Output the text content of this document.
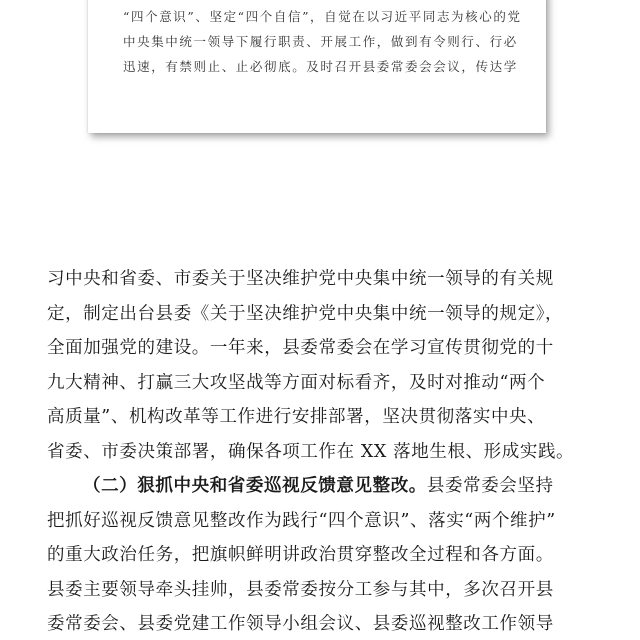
“四个意识”、坚定“四个自信”，自觉在以习近平同志为核心的党
中央集中统一领导下履行职责、开展工作，做到有令则行、行必
迅速，有禁则止、止必彻底。及时召开县委常委会会议，传达学
习中央和省委、市委关于坚决维护党中央集中统一领导的有关规
定，制定出台县委《关于坚决维护党中央集中统一领导的规定》，
全面加强党的建设。一年来，县委常委会在学习宣传贯彻党的十
九大精神、打赢三大攻坚战等方面对标看齐，及时对推动“两个
高质量”、机构改革等工作进行安排部署，坚决贯彻落实中央、
省委、市委决策部署，确保各项工作在 XX 落地生根、形成实践。
（二）狠抓中央和省委巡视反馈意见整改。县委常委会坚持
把抓好巡视反馈意见整改作为践行“四个意识”、落实“两个维护”
的重大政治任务，把旗帜鲜明讲政治贯穿整改全过程和各方面。
县委主要领导牵头挂帅，县委常委按分工参与其中，多次召开县
委常委会、县委党建工作领导小组会议、县委巡视整改工作领导
